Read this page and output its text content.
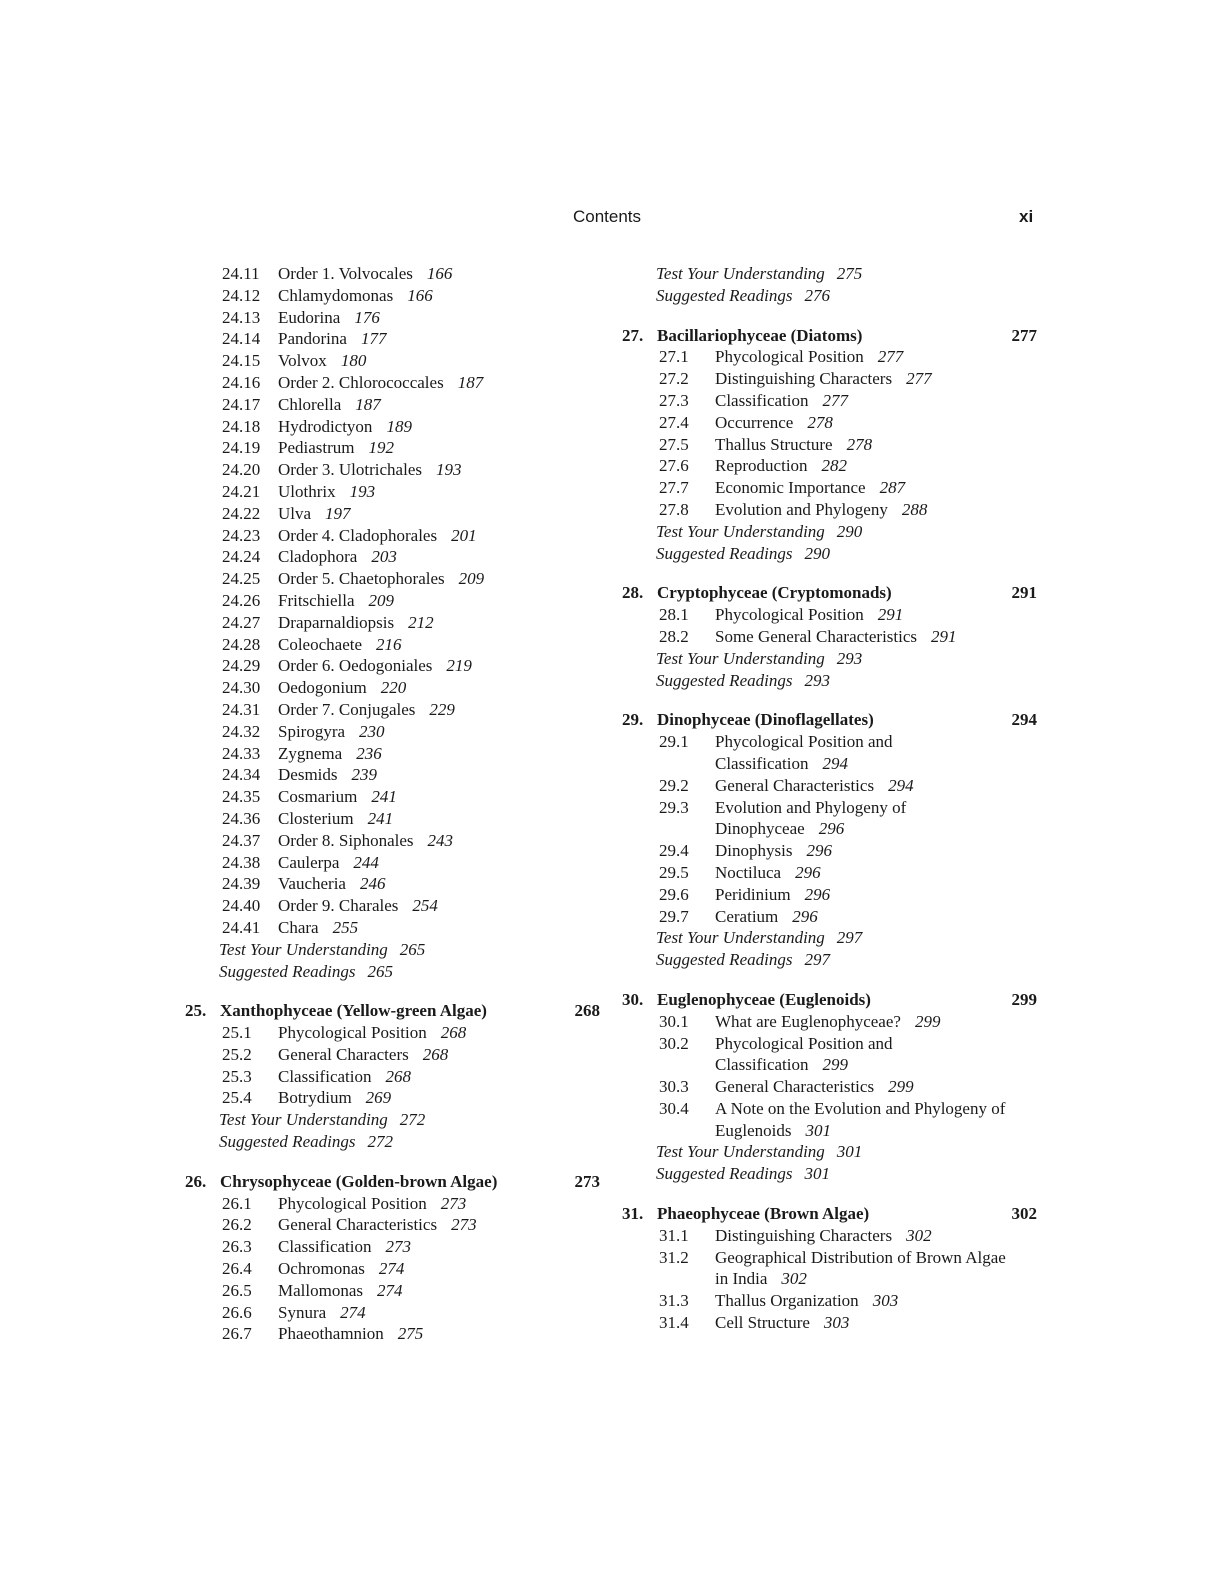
Contents	xi
24.11 Order 1. Volvocales 166
24.12 Chlamydomonas 166
24.13 Eudorina 176
24.14 Pandorina 177
24.15 Volvox 180
24.16 Order 2. Chlorococcales 187
24.17 Chlorella 187
24.18 Hydrodictyon 189
24.19 Pediastrum 192
24.20 Order 3. Ulotrichales 193
24.21 Ulothrix 193
24.22 Ulva 197
24.23 Order 4. Cladophorales 201
24.24 Cladophora 203
24.25 Order 5. Chaetophorales 209
24.26 Fritschiella 209
24.27 Draparnaldiopsis 212
24.28 Coleochaete 216
24.29 Order 6. Oedogoniales 219
24.30 Oedogonium 220
24.31 Order 7. Conjugales 229
24.32 Spirogyra 230
24.33 Zygnema 236
24.34 Desmids 239
24.35 Cosmarium 241
24.36 Closterium 241
24.37 Order 8. Siphonales 243
24.38 Caulerpa 244
24.39 Vaucheria 246
24.40 Order 9. Charales 254
24.41 Chara 255
Test Your Understanding 265
Suggested Readings 265
25. Xanthophyceae (Yellow-green Algae)	268
25.1 Phycological Position 268
25.2 General Characters 268
25.3 Classification 268
25.4 Botrydium 269
Test Your Understanding 272
Suggested Readings 272
26. Chrysophyceae (Golden-brown Algae)	273
26.1 Phycological Position 273
26.2 General Characteristics 273
26.3 Classification 273
26.4 Ochromonas 274
26.5 Mallomonas 274
26.6 Synura 274
26.7 Phaeothamnion 275
Test Your Understanding 275
Suggested Readings 276
27. Bacillariophyceae (Diatoms)	277
27.1 Phycological Position 277
27.2 Distinguishing Characters 277
27.3 Classification 277
27.4 Occurrence 278
27.5 Thallus Structure 278
27.6 Reproduction 282
27.7 Economic Importance 287
27.8 Evolution and Phylogeny 288
Test Your Understanding 290
Suggested Readings 290
28. Cryptophyceae (Cryptomonads)	291
28.1 Phycological Position 291
28.2 Some General Characteristics 291
Test Your Understanding 293
Suggested Readings 293
29. Dinophyceae (Dinoflagellates)	294
29.1 Phycological Position and
Classification 294
29.2 General Characteristics 294
29.3 Evolution and Phylogeny of
Dinophyceae 296
29.4 Dinophysis 296
29.5 Noctiluca 296
29.6 Peridinium 296
29.7 Ceratium 296
Test Your Understanding 297
Suggested Readings 297
30. Euglenophyceae (Euglenoids)	299
30.1 What are Euglenophyceae? 299
30.2 Phycological Position and
Classification 299
30.3 General Characteristics 299
30.4 A Note on the Evolution and Phylogeny of
Euglenoids 301
Test Your Understanding 301
Suggested Readings 301
31. Phaeophyceae (Brown Algae)	302
31.1 Distinguishing Characters 302
31.2 Geographical Distribution of Brown Algae
in India 302
31.3 Thallus Organization 303
31.4 Cell Structure 303
